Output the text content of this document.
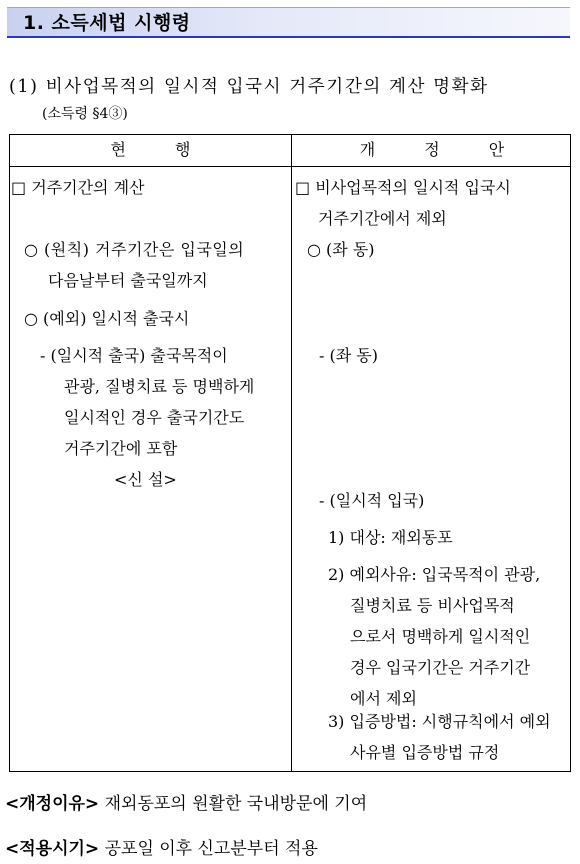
1. 소득세법 시행령
(1) 비사업목적의 일시적 입국시 거주기간의 계산 명확화
(소득령 §4③)
현 행	개 정 안
□ 거주기간의 계산
○ (원칙) 거주기간은 입국일의
다음날부터 출국일까지
○ (예외) 일시적 출국시
- (일시적 출국) 출국목적이
관광, 질병치료 등 명백하게
일시적인 경우 출국기간도
거주기간에 포함
<신 설>
□ 비사업목적의 일시적 입국시
거주기간에서 제외
○ (좌 동)
- (좌 동)
- (일시적 입국)
1) 대상: 재외동포
2) 예외사유: 입국목적이 관광,
질병치료 등 비사업목적
으로서 명백하게 일시적인
경우 입국기간은 거주기간
에서 제외
3) 입증방법: 시행규칙에서 예외
사유별 입증방법 규정
<개정이유> 재외동포의 원활한 국내방문에 기여
<적용시기> 공포일 이후 신고분부터 적용
